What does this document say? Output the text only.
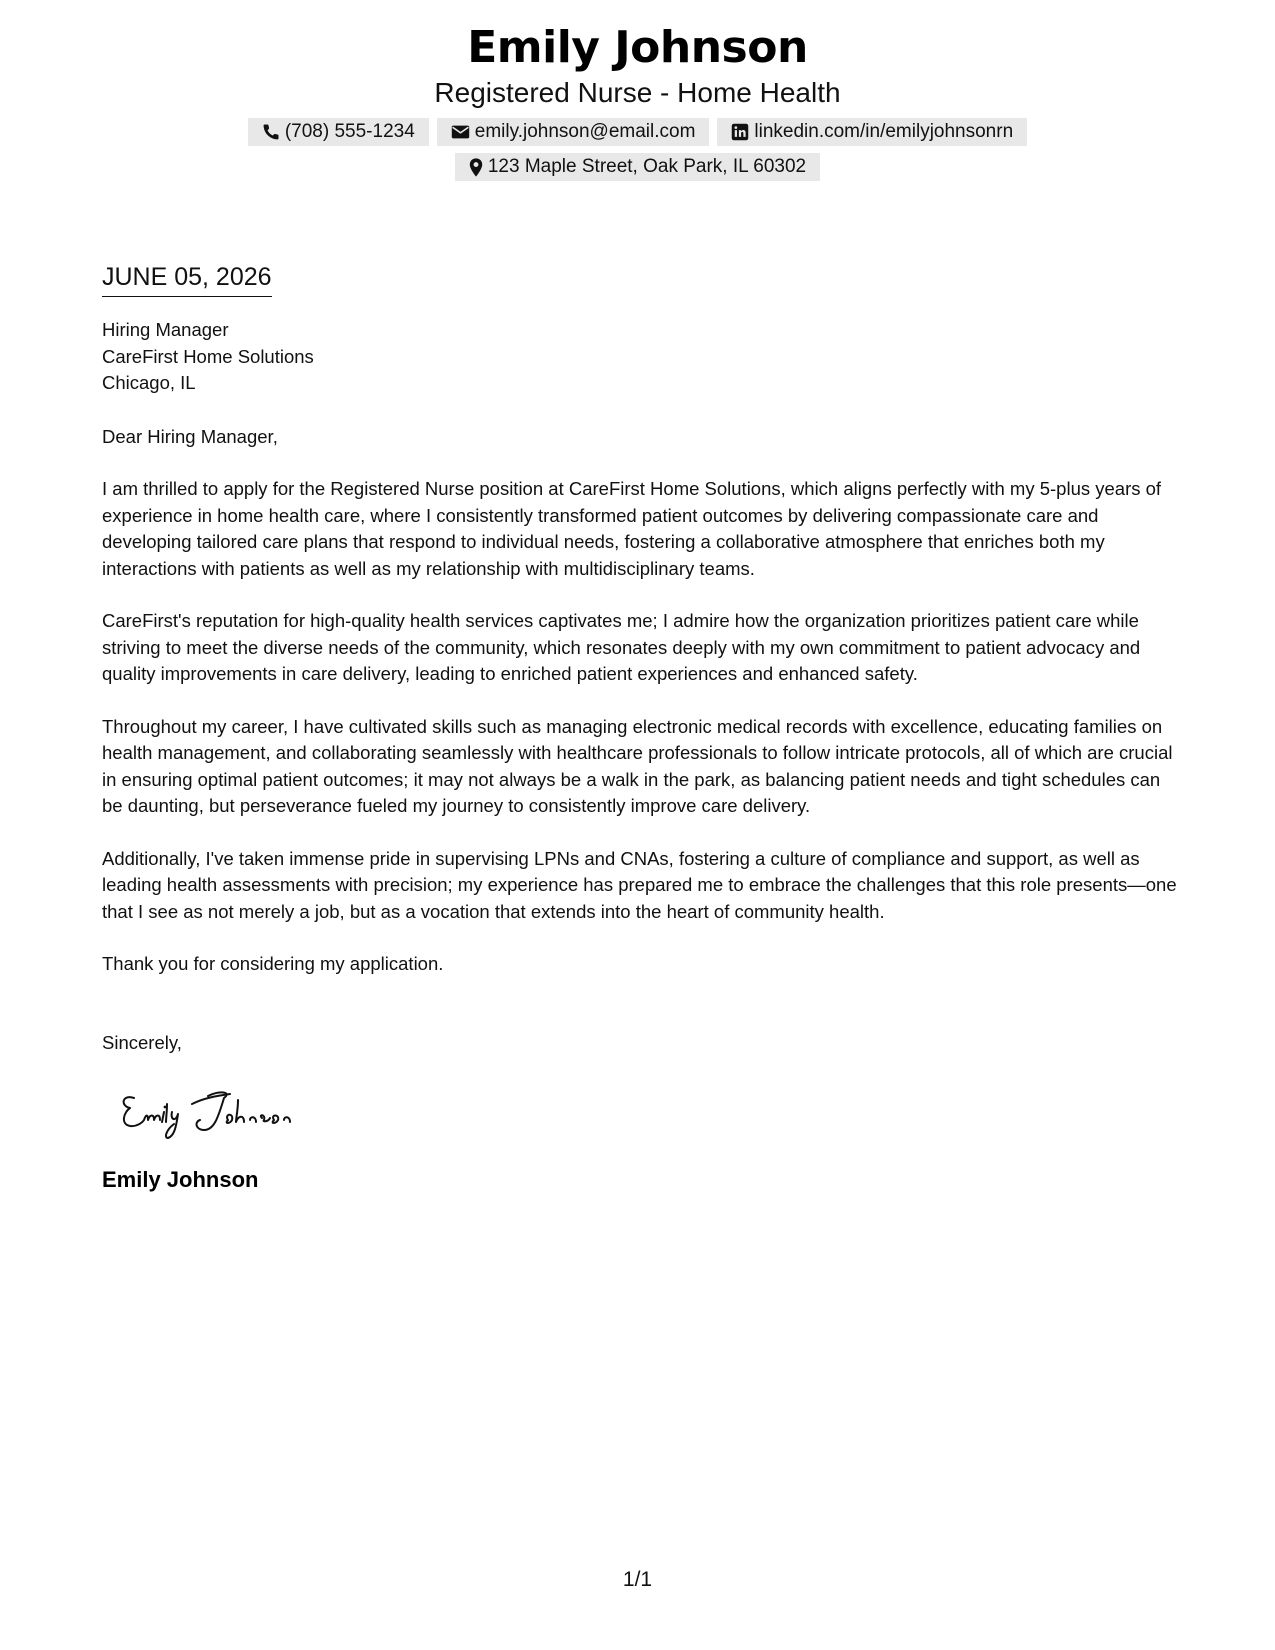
Emily Johnson
Registered Nurse - Home Health
(708) 555-1234	emily.johnson@email.com	linkedin.com/in/emilyjohnsonrn
123 Maple Street, Oak Park, IL 60302
JUNE 05, 2026
Hiring Manager
CareFirst Home Solutions
Chicago, IL

Dear Hiring Manager,

I am thrilled to apply for the Registered Nurse position at CareFirst Home Solutions, which aligns perfectly with my 5-plus years of experience in home health care, where I consistently transformed patient outcomes by delivering compassionate care and developing tailored care plans that respond to individual needs, fostering a collaborative atmosphere that enriches both my interactions with patients as well as my relationship with multidisciplinary teams.

CareFirst's reputation for high-quality health services captivates me; I admire how the organization prioritizes patient care while striving to meet the diverse needs of the community, which resonates deeply with my own commitment to patient advocacy and quality improvements in care delivery, leading to enriched patient experiences and enhanced safety.

Throughout my career, I have cultivated skills such as managing electronic medical records with excellence, educating families on health management, and collaborating seamlessly with healthcare professionals to follow intricate protocols, all of which are crucial in ensuring optimal patient outcomes; it may not always be a walk in the park, as balancing patient needs and tight schedules can be daunting, but perseverance fueled my journey to consistently improve care delivery.

Additionally, I've taken immense pride in supervising LPNs and CNAs, fostering a culture of compliance and support, as well as leading health assessments with precision; my experience has prepared me to embrace the challenges that this role presents—one that I see as not merely a job, but as a vocation that extends into the heart of community health.

Thank you for considering my application.

Sincerely,

Emily Johnson
1/1
